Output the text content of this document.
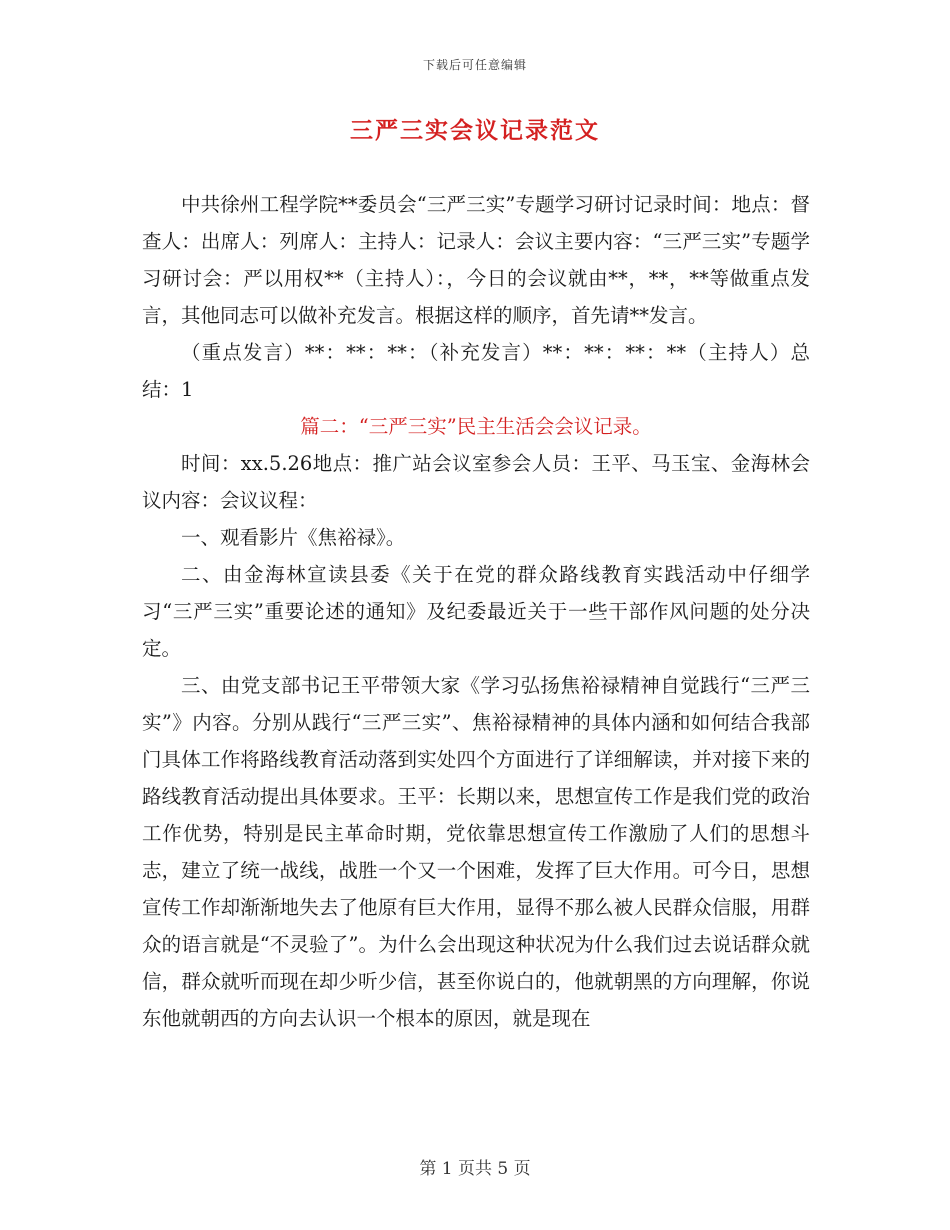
下载后可任意编辑
三严三实会议记录范文

中共徐州工程学院**委员会“三严三实”专题学习研讨记录时间：地点：督查人：出席人：列席人：主持人：记录人：会议主要内容：“三严三实”专题学习研讨会：严以用权**（主持人）：，今日的会议就由**，**，**等做重点发言，其他同志可以做补充发言。根据这样的顺序，首先请**发言。

（重点发言）**：**：**：（补充发言）**：**：**：**（主持人）总结：1

篇二：“三严三实”民主生活会会议记录。

时间：xx.5.26地点：推广站会议室参会人员：王平、马玉宝、金海林会议内容：会议议程：

一、观看影片《焦裕禄》。

二、由金海林宣读县委《关于在党的群众路线教育实践活动中仔细学习“三严三实”重要论述的通知》及纪委最近关于一些干部作风问题的处分决定。

三、由党支部书记王平带领大家《学习弘扬焦裕禄精神自觉践行“三严三实”》内容。分别从践行“三严三实”、焦裕禄精神的具体内涵和如何结合我部门具体工作将路线教育活动落到实处四个方面进行了详细解读，并对接下来的路线教育活动提出具体要求。王平：长期以来，思想宣传工作是我们党的政治工作优势，特别是民主革命时期，党依靠思想宣传工作激励了人们的思想斗志，建立了统一战线，战胜一个又一个困难，发挥了巨大作用。可今日，思想宣传工作却渐渐地失去了他原有巨大作用，显得不那么被人民群众信服，用群众的语言就是“不灵验了”。为什么会出现这种状况为什么我们过去说话群众就信，群众就听而现在却少听少信，甚至你说白的，他就朝黑的方向理解，你说东他就朝西的方向去认识一个根本的原因，就是现在

第 1 页共 5 页
